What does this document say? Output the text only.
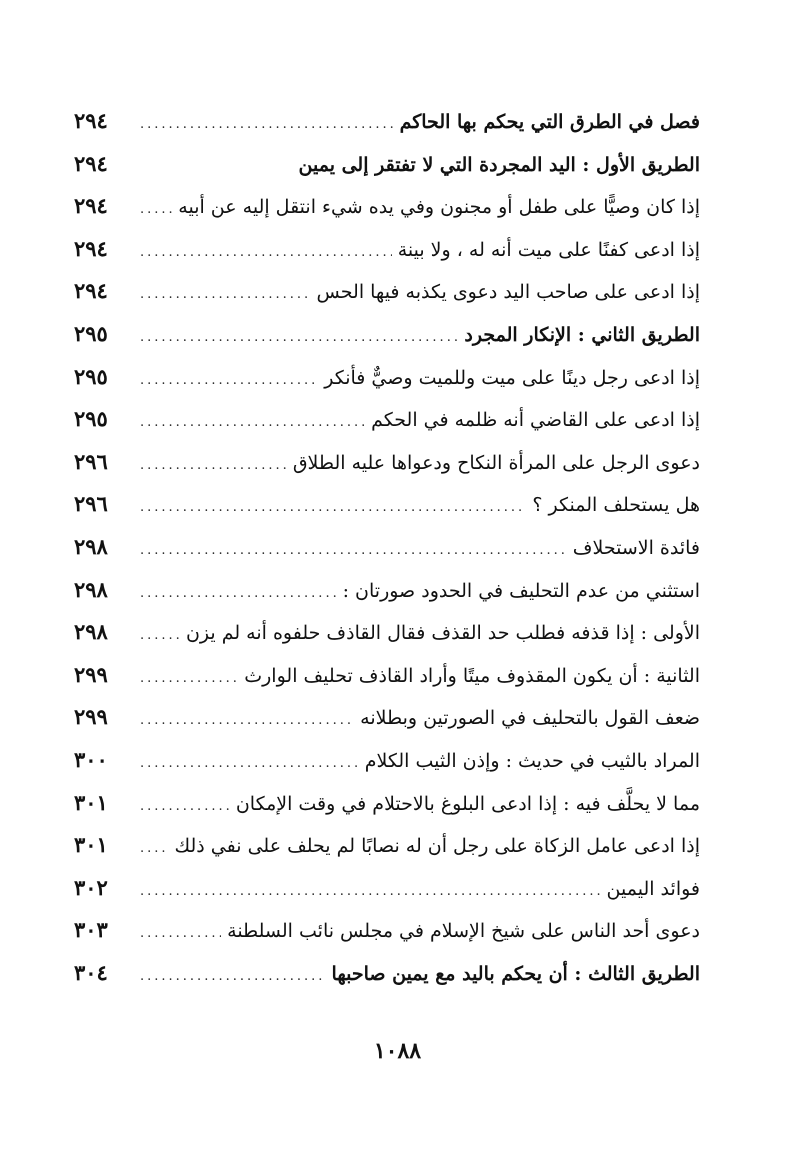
٢٩٤ .....	فصل في الطرق التي يحكم بها الحاكم
٢٩٤	الطريق الأول : اليد المجردة التي لا تفتقر إلى يمين
٢٩٤ .....	إذا كان وصيًّا على طفل أو مجنون وفي يده شيء انتقل إليه عن أبيه
٢٩٤ .....	إذا ادعى كفنًا على ميت أنه له ، ولا بينة
٢٩٤ .....	إذا ادعى على صاحب اليد دعوى يكذبه فيها الحس
٢٩٥ .....	الطريق الثاني : الإنكار المجرد
٢٩٥ .....	إذا ادعى رجل دينًا على ميت وللميت وصيٌّ فأنكر
٢٩٥ .....	إذا ادعى على القاضي أنه ظلمه في الحكم
٢٩٦ .....	دعوى الرجل على المرأة النكاح ودعواها عليه الطلاق
٢٩٦ .....	هل يستحلف المنكر ؟
٢٩٨ .....	فائدة الاستحلاف
٢٩٨ .....	استثني من عدم التحليف في الحدود صورتان :
٢٩٨ .....	الأولى : إذا قذفه فطلب حد القذف فقال القاذف حلفوه أنه لم يزن
٢٩٩ .....	الثانية : أن يكون المقذوف ميتًا وأراد القاذف تحليف الوارث
٢٩٩ .....	ضعف القول بالتحليف في الصورتين وبطلانه
٣٠٠ .....	المراد بالثيب في حديث : وإذن الثيب الكلام
٣٠١ .....	مما لا يحلَّف فيه : إذا ادعى البلوغ بالاحتلام في وقت الإمكان
٣٠١ .....	إذا ادعى عامل الزكاة على رجل أن له نصابًا لم يحلف على نفي ذلك
٣٠٢ .....	فوائد اليمين
٣٠٣ .....	دعوى أحد الناس على شيخ الإسلام في مجلس نائب السلطنة
٣٠٤ .....	الطريق الثالث : أن يحكم باليد مع يمين صاحبها
١٠٨٨
